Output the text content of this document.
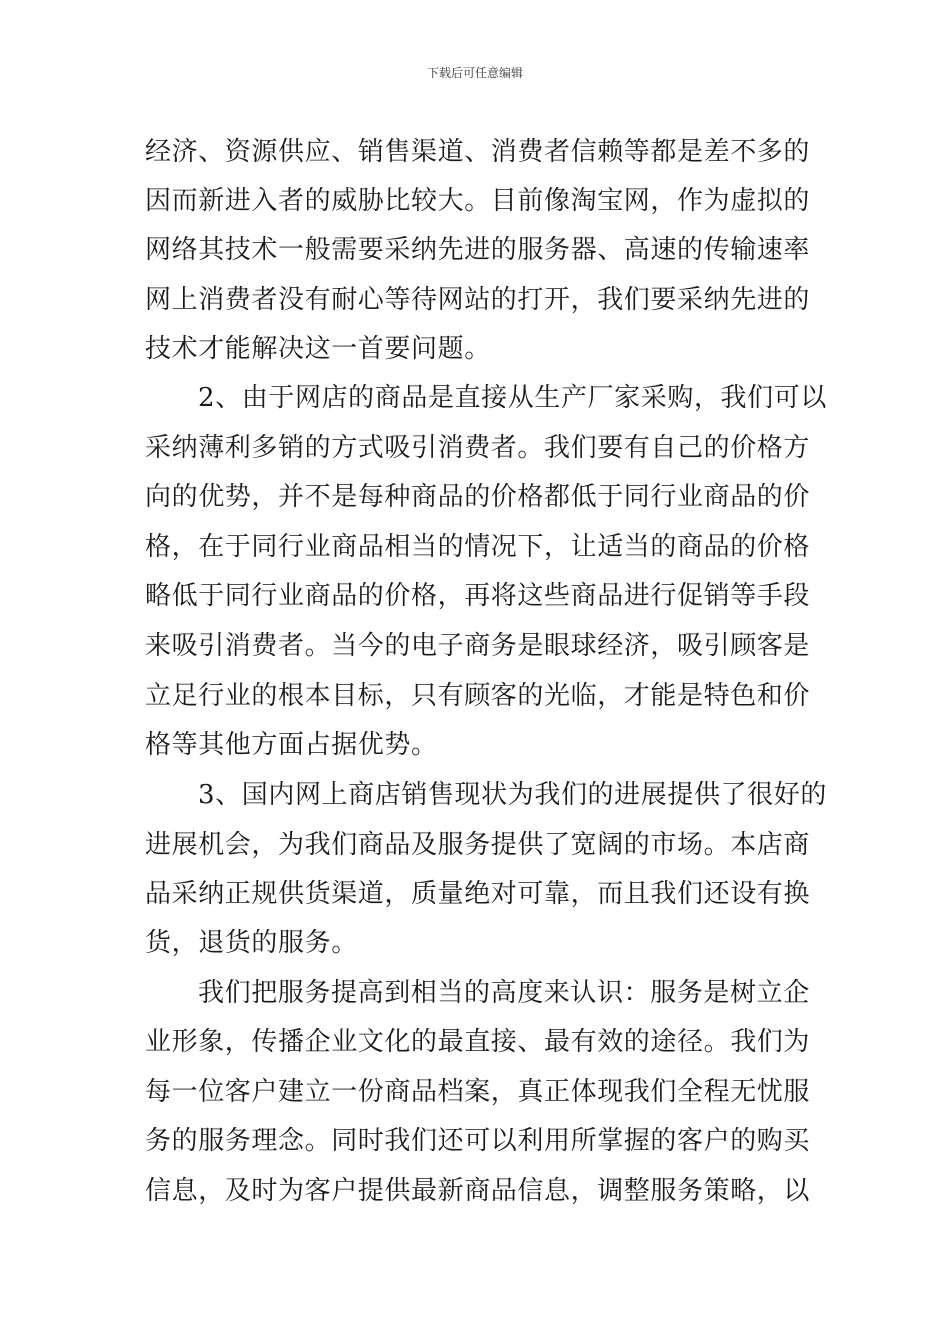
下载后可任意编辑
经济、资源供应、销售渠道、消费者信赖等都是差不多的
因而新进入者的威胁比较大。目前像淘宝网，作为虚拟的
网络其技术一般需要采纳先进的服务器、高速的传输速率
网上消费者没有耐心等待网站的打开，我们要采纳先进的
技术才能解决这一首要问题。
2、由于网店的商品是直接从生产厂家采购，我们可以
采纳薄利多销的方式吸引消费者。我们要有自己的价格方
向的优势，并不是每种商品的价格都低于同行业商品的价
格，在于同行业商品相当的情况下，让适当的商品的价格
略低于同行业商品的价格，再将这些商品进行促销等手段
来吸引消费者。当今的电子商务是眼球经济，吸引顾客是
立足行业的根本目标，只有顾客的光临，才能是特色和价
格等其他方面占据优势。
3、国内网上商店销售现状为我们的进展提供了很好的
进展机会，为我们商品及服务提供了宽阔的市场。本店商
品采纳正规供货渠道，质量绝对可靠，而且我们还设有换
货，退货的服务。
我们把服务提高到相当的高度来认识：服务是树立企
业形象，传播企业文化的最直接、最有效的途径。我们为
每一位客户建立一份商品档案，真正体现我们全程无忧服
务的服务理念。同时我们还可以利用所掌握的客户的购买
信息，及时为客户提供最新商品信息，调整服务策略，以
